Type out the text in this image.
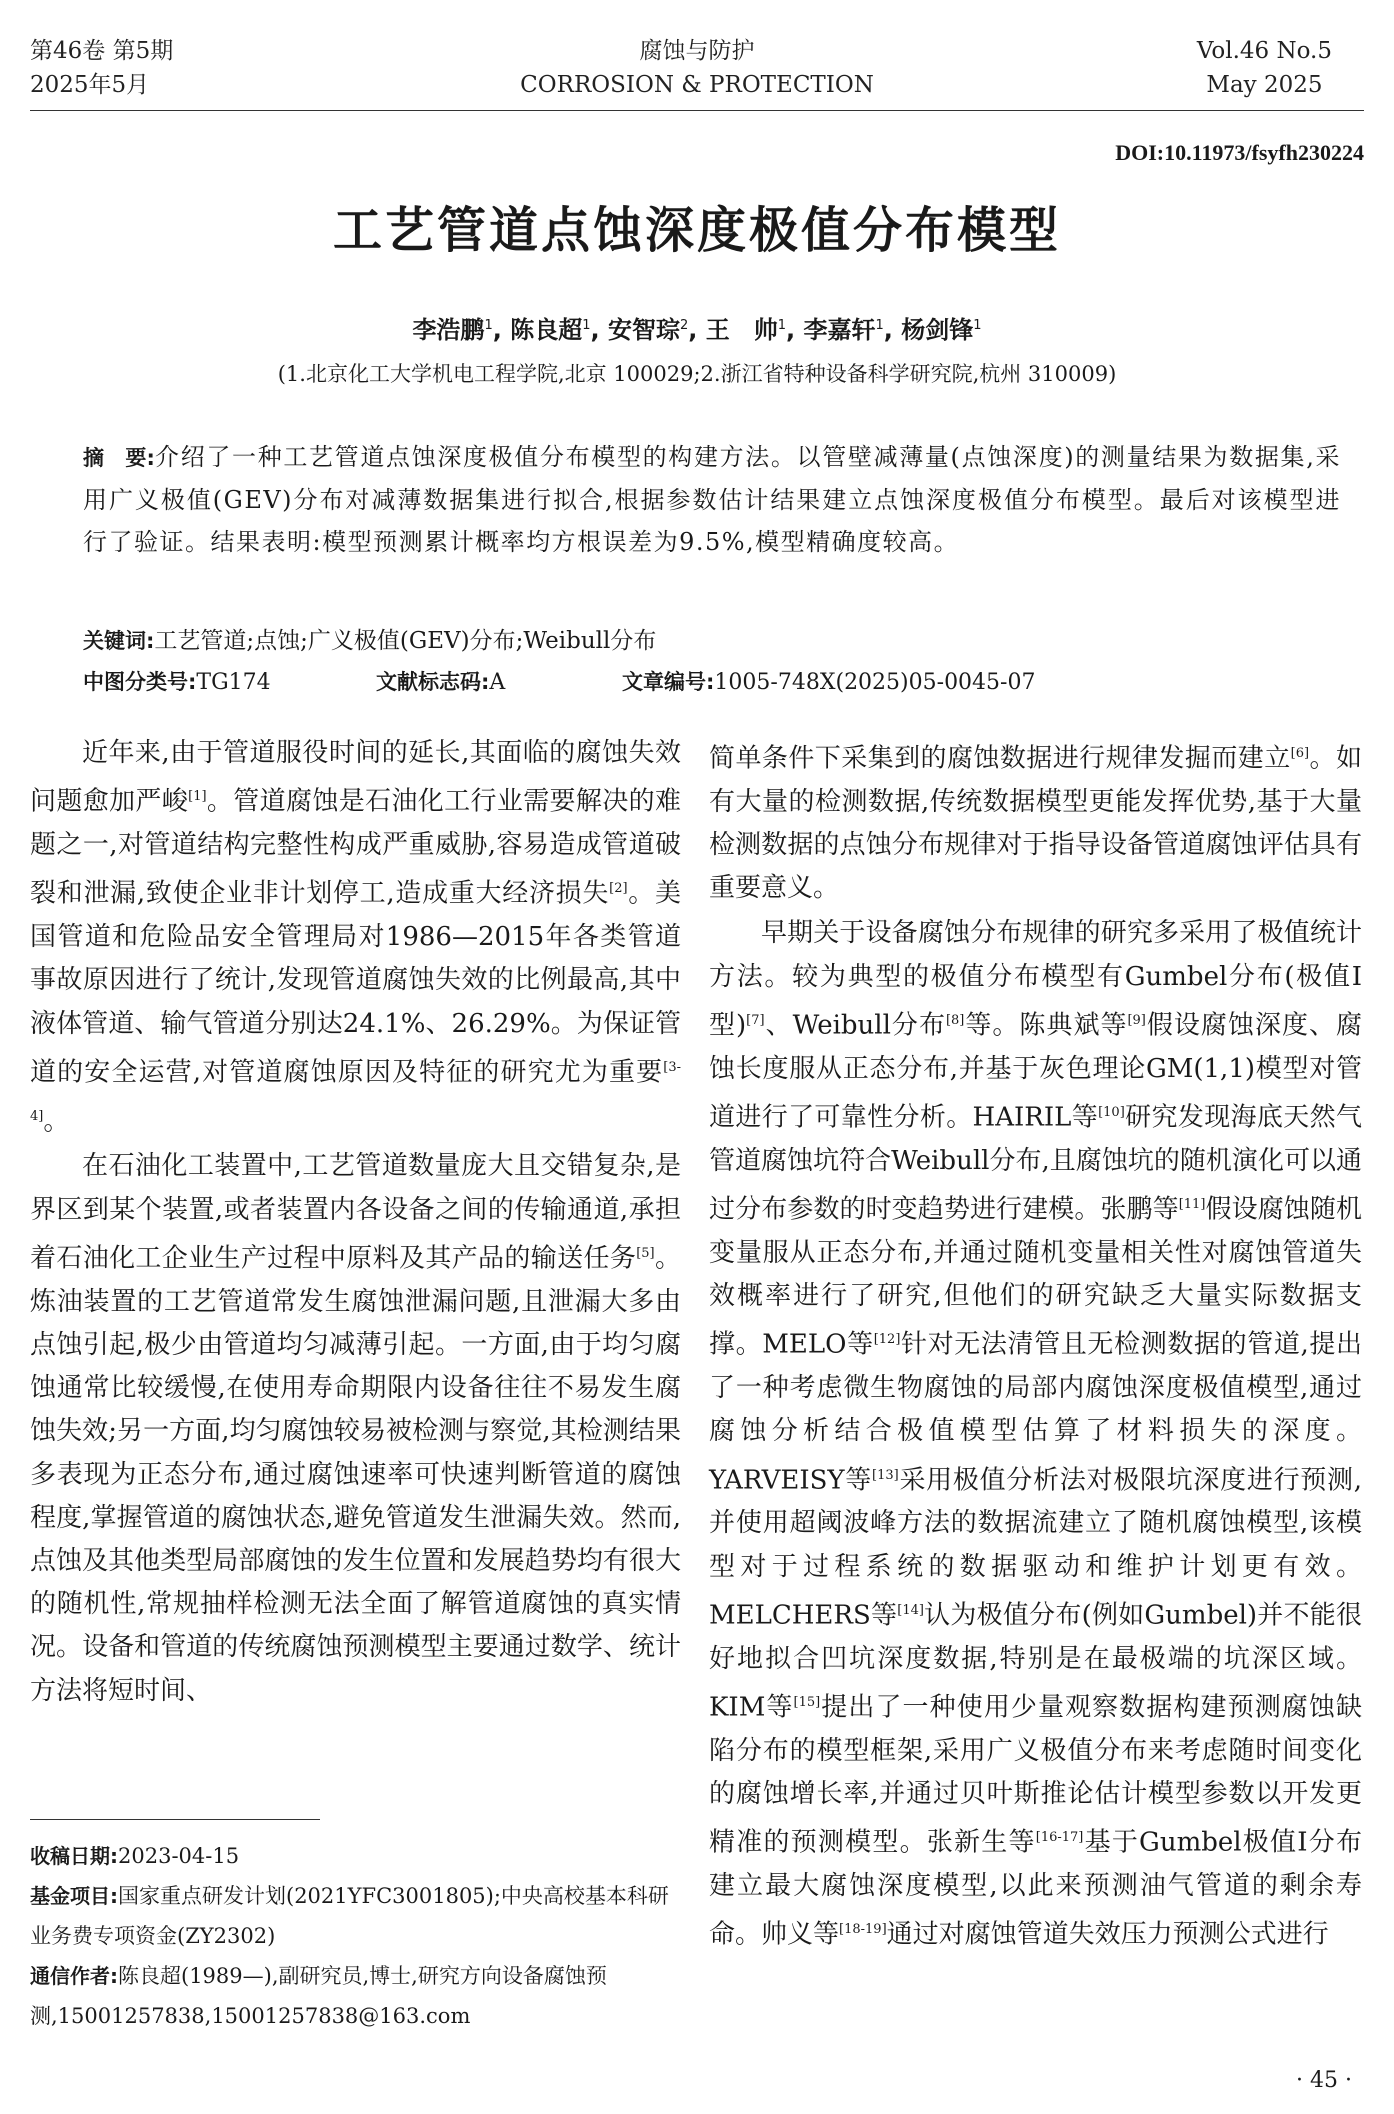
第46卷 第5期
2025年5月
腐蚀与防护
CORROSION & PROTECTION
Vol.46 No.5
May 2025
DOI:10.11973/fsyfh230224
工艺管道点蚀深度极值分布模型
李浩鹏$^1$, 陈良超$^1$, 安智琮$^2$, 王　帅$^1$, 李嘉轩$^1$, 杨剑锋$^1$
(1.北京化工大学机电工程学院,北京 100029;2.浙江省特种设备科学研究院,杭州 310009)
摘　要:介绍了一种工艺管道点蚀深度极值分布模型的构建方法。以管壁减薄量(点蚀深度)的测量结果为数据集,采用广义极值(GEV)分布对减薄数据集进行拟合,根据参数估计结果建立点蚀深度极值分布模型。最后对该模型进行了验证。结果表明:模型预测累计概率均方根误差为9.5%,模型精确度较高。
关键词:工艺管道;点蚀;广义极值(GEV)分布;Weibull分布
中图分类号:TG174	文献标志码:A	文章编号:1005-748X(2025)05-0045-07

近年来,由于管道服役时间的延长,其面临的腐蚀失效问题愈加严峻[1]。管道腐蚀是石油化工行业需要解决的难题之一,对管道结构完整性构成严重威胁,容易造成管道破裂和泄漏,致使企业非计划停工,造成重大经济损失[2]。美国管道和危险品安全管理局对1986—2015年各类管道事故原因进行了统计,发现管道腐蚀失效的比例最高,其中液体管道、输气管道分别达24.1%、26.29%。为保证管道的安全运营,对管道腐蚀原因及特征的研究尤为重要[3-4]。

在石油化工装置中,工艺管道数量庞大且交错复杂,是界区到某个装置,或者装置内各设备之间的传输通道,承担着石油化工企业生产过程中原料及其产品的输送任务[5]。炼油装置的工艺管道常发生腐蚀泄漏问题,且泄漏大多由点蚀引起,极少由管道均匀减薄引起。一方面,由于均匀腐蚀通常比较缓慢,在使用寿命期限内设备往往不易发生腐蚀失效;另一方面,均匀腐蚀较易被检测与察觉,其检测结果多表现为正态分布,通过腐蚀速率可快速判断管道的腐蚀程度,掌握管道的腐蚀状态,避免管道发生泄漏失效。然而,点蚀及其他类型局部腐蚀的发生位置和发展趋势均有很大的随机性,常规抽样检测无法全面了解管道腐蚀的真实情况。设备和管道的传统腐蚀预测模型主要通过数学、统计方法将短时间、

简单条件下采集到的腐蚀数据进行规律发掘而建立[6]。如有大量的检测数据,传统数据模型更能发挥优势,基于大量检测数据的点蚀分布规律对于指导设备管道腐蚀评估具有重要意义。

早期关于设备腐蚀分布规律的研究多采用了极值统计方法。较为典型的极值分布模型有Gumbel分布(极值Ⅰ型)[7]、Weibull分布[8]等。陈典斌等[9]假设腐蚀深度、腐蚀长度服从正态分布,并基于灰色理论GM(1,1)模型对管道进行了可靠性分析。HAIRIL等[10]研究发现海底天然气管道腐蚀坑符合Weibull分布,且腐蚀坑的随机演化可以通过分布参数的时变趋势进行建模。张鹏等[11]假设腐蚀随机变量服从正态分布,并通过随机变量相关性对腐蚀管道失效概率进行了研究,但他们的研究缺乏大量实际数据支撑。MELO等[12]针对无法清管且无检测数据的管道,提出了一种考虑微生物腐蚀的局部内腐蚀深度极值模型,通过腐蚀分析结合极值模型估算了材料损失的深度。YARVEISY等[13]采用极值分析法对极限坑深度进行预测,并使用超阈波峰方法的数据流建立了随机腐蚀模型,该模型对于过程系统的数据驱动和维护计划更有效。MELCHERS等[14]认为极值分布(例如Gumbel)并不能很好地拟合凹坑深度数据,特别是在最极端的坑深区域。KIM等[15]提出了一种使用少量观察数据构建预测腐蚀缺陷分布的模型框架,采用广义极值分布来考虑随时间变化的腐蚀增长率,并通过贝叶斯推论估计模型参数以开发更精准的预测模型。张新生等[16-17]基于Gumbel极值Ⅰ分布建立最大腐蚀深度模型,以此来预测油气管道的剩余寿命。帅义等[18-19]通过对腐蚀管道失效压力预测公式进行

收稿日期:2023-04-15
基金项目:国家重点研发计划(2021YFC3001805);中央高校基本科研业务费专项资金(ZY2302)
通信作者:陈良超(1989—),副研究员,博士,研究方向设备腐蚀预测,15001257838,15001257838@163.com
· 45 ·
